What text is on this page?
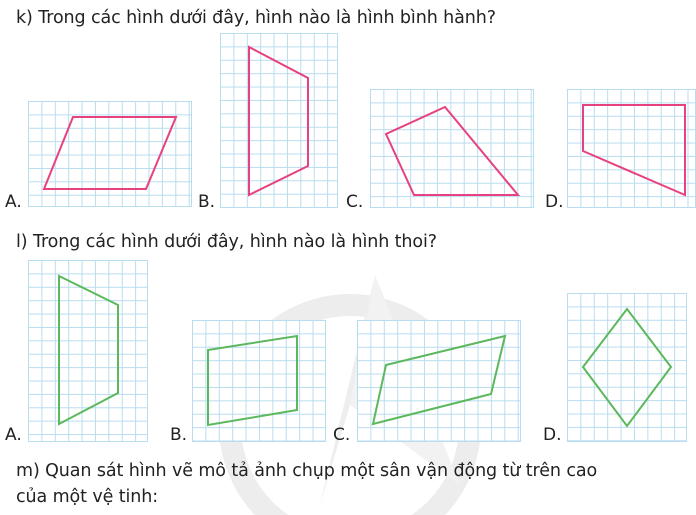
k) Trong các hình dưới đây, hình nào là hình bình hành?
A.	B.	C.	D.
l) Trong các hình dưới đây, hình nào là hình thoi?
A.	B.	C.	D.
m) Quan sát hình vẽ mô tả ảnh chụp một sân vận động từ trên cao
của một vệ tinh:
